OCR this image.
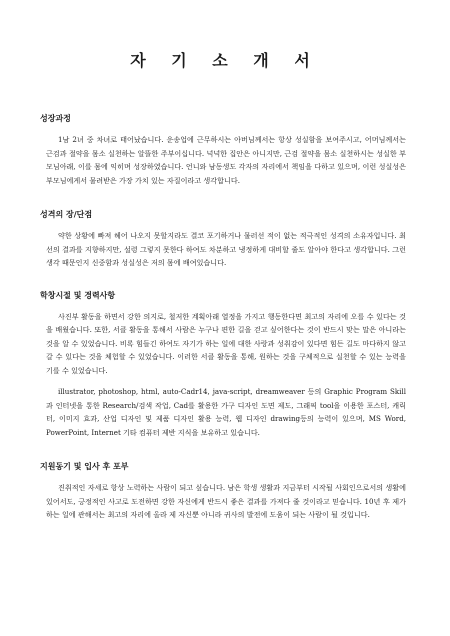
자 기 소 개 서
성장과정

1남 2녀 중 차녀로 태어났습니다. 운송업에 근무하시는 아버님께서는 항상 성실함을 보여주시고, 어머님께서는 근검과 절약을 몸소 실천하는 알뜰한 주부이십니다. 넉넉한 집안은 아니지만, 근검 절약을 몸소 실천하시는 성실한 부모님아래, 이를 몸에 익히며 성장하였습니다. 언니와 남동생도 각자의 자리에서 책임을 다하고 있으며, 이런 성실성은 부모님에게서 물려받은 가장 가치 있는 자질이라고 생각합니다.

성격의 장/단점

약한 상황에 빠져 헤어 나오지 못할지라도 결코 포기하거나 물러선 적이 없는 적극적인 성격의 소유자입니다. 최선의 결과를 지향하지만, 설령 그렇지 못한다 하여도 차분하고 냉정하게 대비할 줄도 알아야 한다고 생각합니다. 그런 생각 때문인지 신중함과 성실성은 저의 몸에 배여있습니다.

학창시절 및 경력사항

사진부 활동을 하면서 강한 의지로, 철저한 계획아래 열정을 가지고 행동한다면 최고의 자리에 오를 수 있다는 것을 배웠습니다. 또한, 서클 활동을 통해서 사람은 누구나 편한 길을 걷고 싶어한다는 것이 반드시 맞는 말은 아니라는 것을 알 수 있었습니다. 비록 힘들긴 하여도 자기가 하는 일에 대한 사랑과 성취감이 있다면 힘든 길도 마다하지 않고 갈 수 있다는 것을 체험할 수 있었습니다. 이러한 서클 활동을 통해, 원하는 것을 구체적으로 실천할 수 있는 능력을 기를 수 있었습니다.

illustrator, photoshop, html, auto-Cadr14, java-script, dreamweaver 등의 Graphic Program Skill과 인터넷을 통한 Research/검색 작업, Cad를 활용한 가구 디자인 도면 제도, 그래픽 tool을 이용한 포스터, 캐릭터, 이미지 효과, 산업 디자인 및 제품 디자인 활용 능력, 웹 디자인 drawing등의 능력이 있으며, MS Word, PowerPoint, Internet 기타 컴퓨터 제반 지식을 보유하고 있습니다.

지원동기 및 입사 후 포부

진취적인 자세로 항상 노력하는 사람이 되고 싶습니다. 남은 학생 생활과 지금부터 시작될 사회인으로서의 생활에 있어서도, 긍정적인 사고로 도전하면 강한 자신에게 반드시 좋은 결과를 가져다 줄 것이라고 믿습니다. 10년 후 제가 하는 일에 관해서는 최고의 자리에 올라 제 자신뿐 아니라 귀사의 발전에 도움이 되는 사람이 될 것입니다.
